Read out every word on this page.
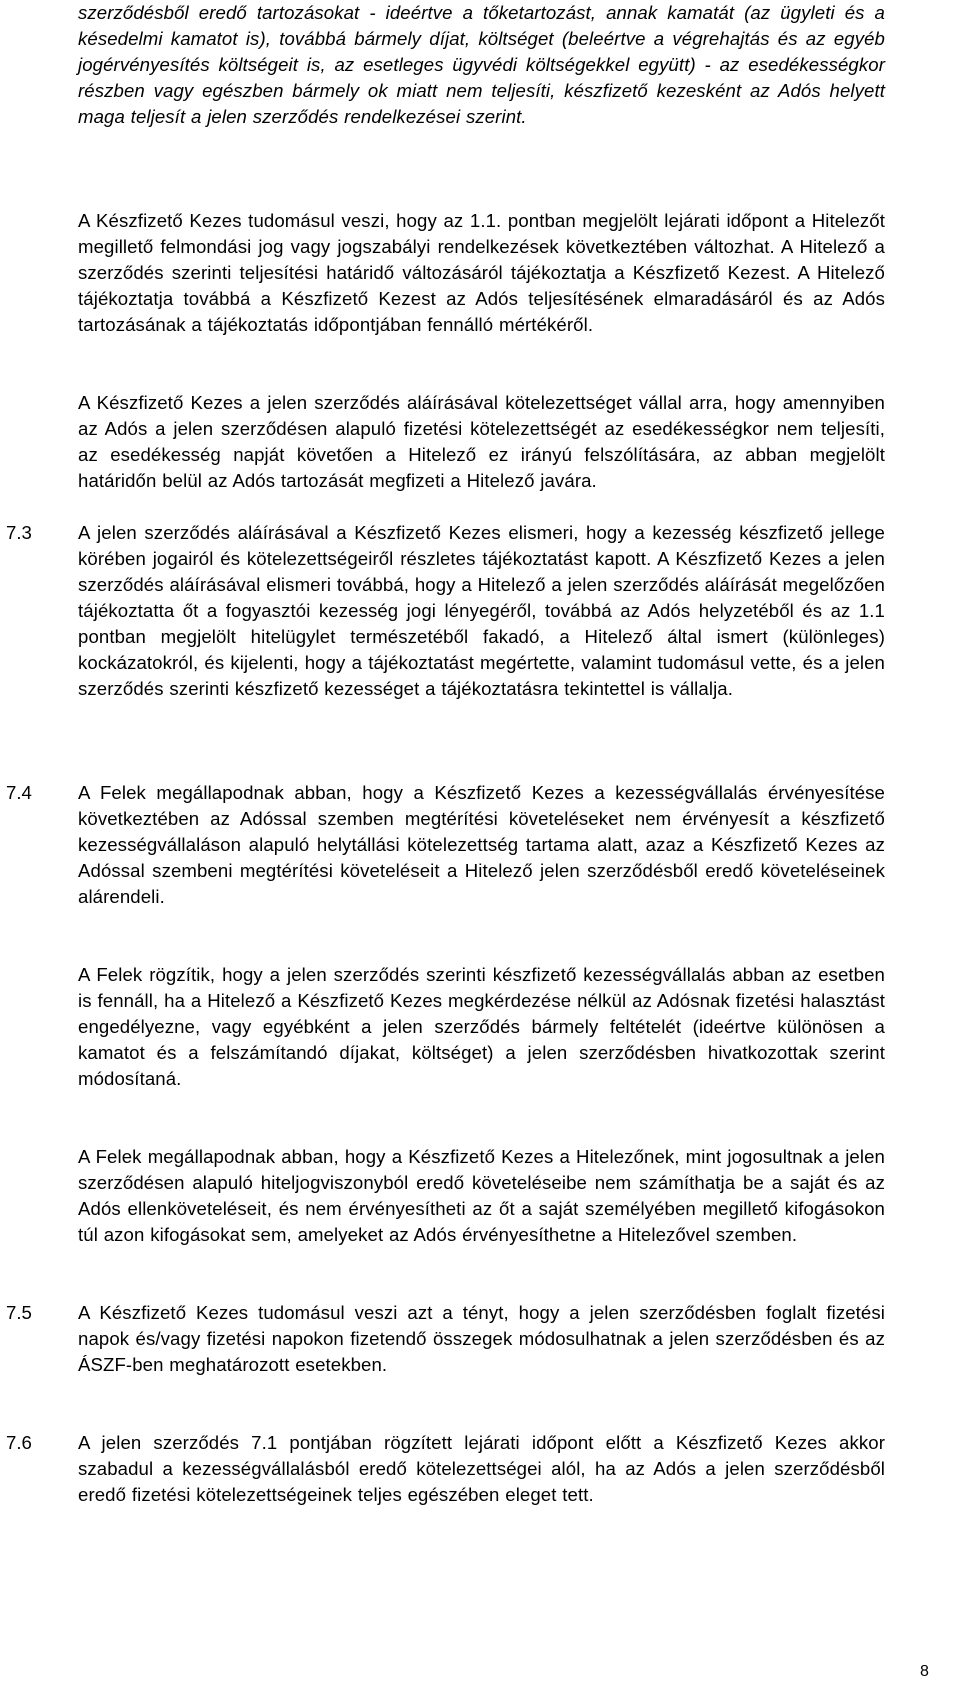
szerződésből eredő tartozásokat - ideértve a tőketartozást, annak kamatát (az ügyleti és a késedelmi kamatot is), továbbá bármely díjat, költséget (beleértve a végrehajtás és az egyéb jogérvényesítés költségeit is, az esetleges ügyvédi költségekkel együtt) - az esedékességkor részben vagy egészben bármely ok miatt nem teljesíti, készfizető kezesként az Adós helyett maga teljesít a jelen szerződés rendelkezései szerint.

A Készfizető Kezes tudomásul veszi, hogy az 1.1. pontban megjelölt lejárati időpont a Hitelezőt megillető felmondási jog vagy jogszabályi rendelkezések következtében változhat. A Hitelező a szerződés szerinti teljesítési határidő változásáról tájékoztatja a Készfizető Kezest. A Hitelező tájékoztatja továbbá a Készfizető Kezest az Adós teljesítésének elmaradásáról és az Adós tartozásának a tájékoztatás időpontjában fennálló mértékéről.

A Készfizető Kezes a jelen szerződés aláírásával kötelezettséget vállal arra, hogy amennyiben az Adós a jelen szerződésen alapuló fizetési kötelezettségét az esedékességkor nem teljesíti, az esedékesség napját követően a Hitelező ez irányú felszólítására, az abban megjelölt határidőn belül az Adós tartozását megfizeti a Hitelező javára.

7.3 A jelen szerződés aláírásával a Készfizető Kezes elismeri, hogy a kezesség készfizető jellege körében jogairól és kötelezettségeiről részletes tájékoztatást kapott. A Készfizető Kezes a jelen szerződés aláírásával elismeri továbbá, hogy a Hitelező a jelen szerződés aláírását megelőzően tájékoztatta őt a fogyasztói kezesség jogi lényegéről, továbbá az Adós helyzetéből és az 1.1 pontban megjelölt hitelügylet természetéből fakadó, a Hitelező által ismert (különleges) kockázatokról, és kijelenti, hogy a tájékoztatást megértette, valamint tudomásul vette, és a jelen szerződés szerinti készfizető kezességet a tájékoztatásra tekintettel is vállalja.

7.4 A Felek megállapodnak abban, hogy a Készfizető Kezes a kezességvállalás érvényesítése következtében az Adóssal szemben megtérítési követeléseket nem érvényesít a készfizető kezességvállaláson alapuló helytállási kötelezettség tartama alatt, azaz a Készfizető Kezes az Adóssal szembeni megtérítési követeléseit a Hitelező jelen szerződésből eredő követeléseinek alárendeli.

A Felek rögzítik, hogy a jelen szerződés szerinti készfizető kezességvállalás abban az esetben is fennáll, ha a Hitelező a Készfizető Kezes megkérdezése nélkül az Adósnak fizetési halasztást engedélyezne, vagy egyébként a jelen szerződés bármely feltételét (ideértve különösen a kamatot és a felszámítandó díjakat, költséget) a jelen szerződésben hivatkozottak szerint módosítaná.

A Felek megállapodnak abban, hogy a Készfizető Kezes a Hitelezőnek, mint jogosultnak a jelen szerződésen alapuló hiteljogviszonyból eredő követeléseibe nem számíthatja be a saját és az Adós ellenköveteléseit, és nem érvényesítheti az őt a saját személyében megillető kifogásokon túl azon kifogásokat sem, amelyeket az Adós érvényesíthetne a Hitelezővel szemben.

7.5 A Készfizető Kezes tudomásul veszi azt a tényt, hogy a jelen szerződésben foglalt fizetési napok és/vagy fizetési napokon fizetendő összegek módosulhatnak a jelen szerződésben és az ÁSZF-ben meghatározott esetekben.

7.6 A jelen szerződés 7.1 pontjában rögzített lejárati időpont előtt a Készfizető Kezes akkor szabadul a kezességvállalásból eredő kötelezettségei alól, ha az Adós a jelen szerződésből eredő fizetési kötelezettségeinek teljes egészében eleget tett.

8
